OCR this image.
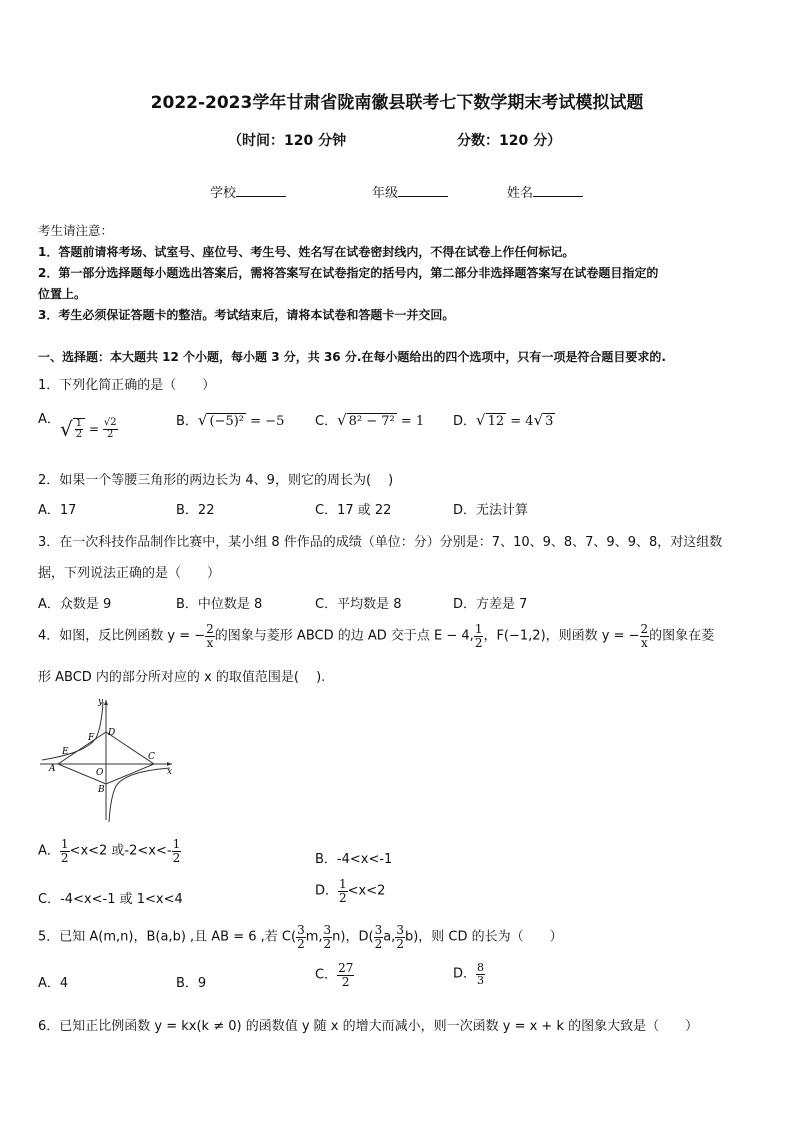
2022-2023学年甘肃省陇南徽县联考七下数学期末考试模拟试题
（时间：120 分钟	分数：120 分）
学校	年级	姓名
考生请注意：
1．答题前请将考场、试室号、座位号、考生号、姓名写在试卷密封线内，不得在试卷上作任何标记。
2．第一部分选择题每小题选出答案后，需将答案写在试卷指定的括号内，第二部分非选择题答案写在试卷题目指定的
位置上。
3．考生必须保证答题卡的整洁。考试结束后，请将本试卷和答题卡一并交回。
一、选择题：本大题共 12 个小题，每小题 3 分，共 36 分.在每小题给出的四个选项中，只有一项是符合题目要求的.
1．下列化简正确的是（　　）
A． √ $\frac{1}{2} = \frac{√2}{2}$	B．√ (−5)² = −5 C．√ 8² − 7² = 1 D．√ 12 = 4√ 3
2．如果一个等腰三角形的两边长为 4、9，则它的周长为(　 )
A．17	B．22	C．17 或 22	D．无法计算
3．在一次科技作品制作比赛中，某小组 8 件作品的成绩（单位：分）分别是：7、10、9、8、7、9、9、8，对这组数
据，下列说法正确的是（　　）
A．众数是 9	B．中位数是 8	C．平均数是 8	D．方差是 7
4．如图，反比例函数 y = − $\frac{2}{x}$ 的图象与菱形 ABCD 的边 AD 交于点 E − 4, $\frac{1}{2}$ ，F(−1,2)，则函数 y = − $\frac{2}{x}$ 的图象在菱
形 ABCD 内的部分所对应的 x 的取值范围是(　 ).
y
x
A
B
C
D
E
F
O
A． $\frac{1}{2} <x<2$ 或$-2<x<- \frac{1}{2}$	B．-4<x<-1
C．-4<x<-1 或 1<x<4
D． $\frac{1}{2} <x<2$
5．已知 A(m,n)，B(a,b) ,且 AB = 6 ,若 $C( \frac{3}{2} m$, $\frac{3}{2} n$)，$D( \frac{3}{2} a$, $\frac{3}{2} b$)，则 CD 的长为（　　）
A．4	B．9
C． $\frac{27}{2}$	D． $\frac{8}{3}$
6．已知正比例函数 y = kx(k ≠ 0) 的函数值 y 随 x 的增大而减小，则一次函数 y = x + k 的图象大致是（　　）
